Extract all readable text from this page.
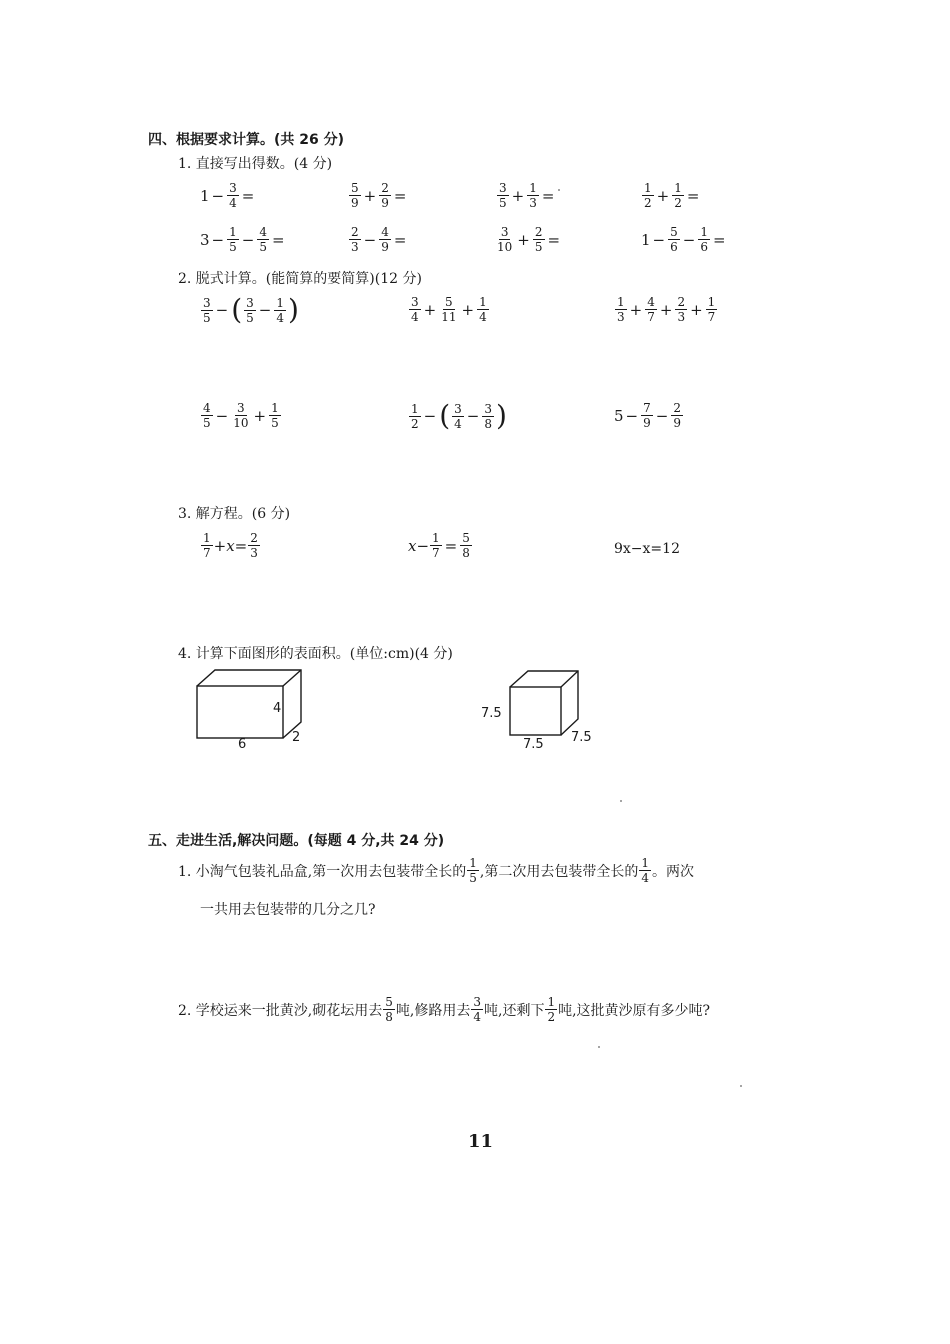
四、根据要求计算。(共 26 分)
1. 直接写出得数。(4 分)
$1 - \frac{3}{4}$ =	$\frac{5}{9} + \frac{2}{9}$ =	$\frac{3}{5} + \frac{1}{3}$ =	$\frac{1}{2} + \frac{1}{2}$ =
$3 - \frac{1}{5} - \frac{4}{5}$ =	$\frac{2}{3} - \frac{4}{9}$ =	$\frac{3}{10} + \frac{2}{5}$ =	$1 - \frac{5}{6} - \frac{1}{6}$ =
2. 脱式计算。(能简算的要简算)(12 分)
$\frac{3}{5}$ − ( $\frac{3}{5} - \frac{1}{4}$ )	$\frac{3}{4} + \frac{5}{11} + \frac{1}{4}$	$\frac{1}{3} + \frac{4}{7} + \frac{2}{3} + \frac{1}{7}$
$\frac{4}{5} - \frac{3}{10} + \frac{1}{5}$	$\frac{1}{2}$ − ( $\frac{3}{4} - \frac{3}{8}$ )	$5 - \frac{7}{9} - \frac{2}{9}$
3. 解方程。(6 分)
$\frac{1}{7} +x= \frac{2}{3}$	$x- \frac{1}{7} = \frac{5}{8}$	9x−x=12
4. 计算下面图形的表面积。(单位:cm)(4 分)
4
6	2
7.5
7.5 7.5
五、走进生活,解决问题。(每题 4 分,共 24 分)
1. 小淘气包装礼品盒,第一次用去包装带全长的 $\frac{1}{5}$ ,第二次用去包装带全长的 $\frac{1}{4}$ 。两次
一共用去包装带的几分之几?
2. 学校运来一批黄沙,砌花坛用去 $\frac{5}{8}$ 吨,修路用去 $\frac{3}{4}$ 吨,还剩下 $\frac{1}{2}$ 吨,这批黄沙原有多少吨?
11
